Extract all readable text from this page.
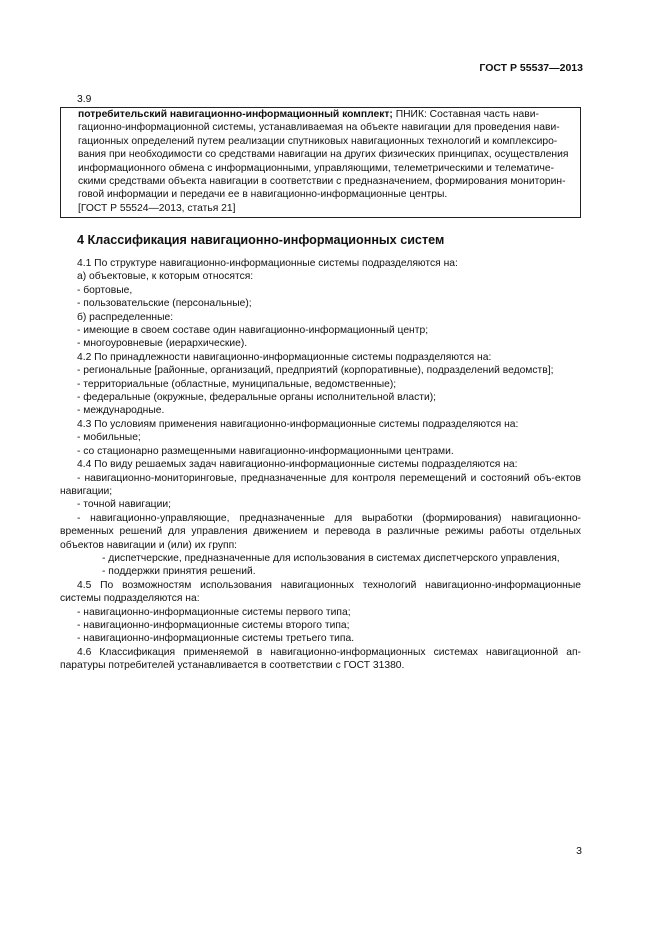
ГОСТ Р 55537—2013
3.9

потребительский навигационно-информационный комплект; ПНИК: Составная часть нави-
гационно-информационной системы, устанавливаемая на объекте навигации для проведения нави-
гационных определений путем реализации спутниковых навигационных технологий и комплексиро-
вания при необходимости со средствами навигации на других физических принципах, осуществления
информационного обмена с информационными, управляющими, телеметрическими и телематиче-
скими средствами объекта навигации в соответствии с предназначением, формирования мониторин-
говой информации и передачи ее в навигационно-информационные центры.

[ГОСТ Р 55524—2013, статья 21]

4 Классификация навигационно-информационных систем

4.1 По структуре навигационно-информационные системы подразделяются на:

а) объектовые, к которым относятся:

- бортовые,

- пользовательские (персональные);

б) распределенные:

- имеющие в своем составе один навигационно-информационный центр;

- многоуровневые (иерархические).

4.2 По принадлежности навигационно-информационные системы подразделяются на:

- региональные [районные, организаций, предприятий (корпоративные), подразделений ведомств];

- территориальные (областные, муниципальные, ведомственные);

- федеральные (окружные, федеральные органы исполнительной власти);

- международные.

4.3 По условиям применения навигационно-информационные системы подразделяются на:

- мобильные;

- со стационарно размещенными навигационно-информационными центрами.

4.4 По виду решаемых задач навигационно-информационные системы подразделяются на:

- навигационно-мониторинговые, предназначенные для контроля перемещений и состояний объ-ектов навигации;

- точной навигации;

- навигационно-управляющие, предназначенные для выработки (формирования) навигационно-временных решений для управления движением и перевода в различные режимы работы отдельных объектов навигации и (или) их групп:

- диспетчерские, предназначенные для использования в системах диспетчерского управления,

- поддержки принятия решений.

4.5 По возможностям использования навигационных технологий навигационно-информационные системы подразделяются на:

- навигационно-информационные системы первого типа;

- навигационно-информационные системы второго типа;

- навигационно-информационные системы третьего типа.

4.6 Классификация применяемой в навигационно-информационных системах навигационной ап-паратуры потребителей устанавливается в соответствии с ГОСТ 31380.

3
